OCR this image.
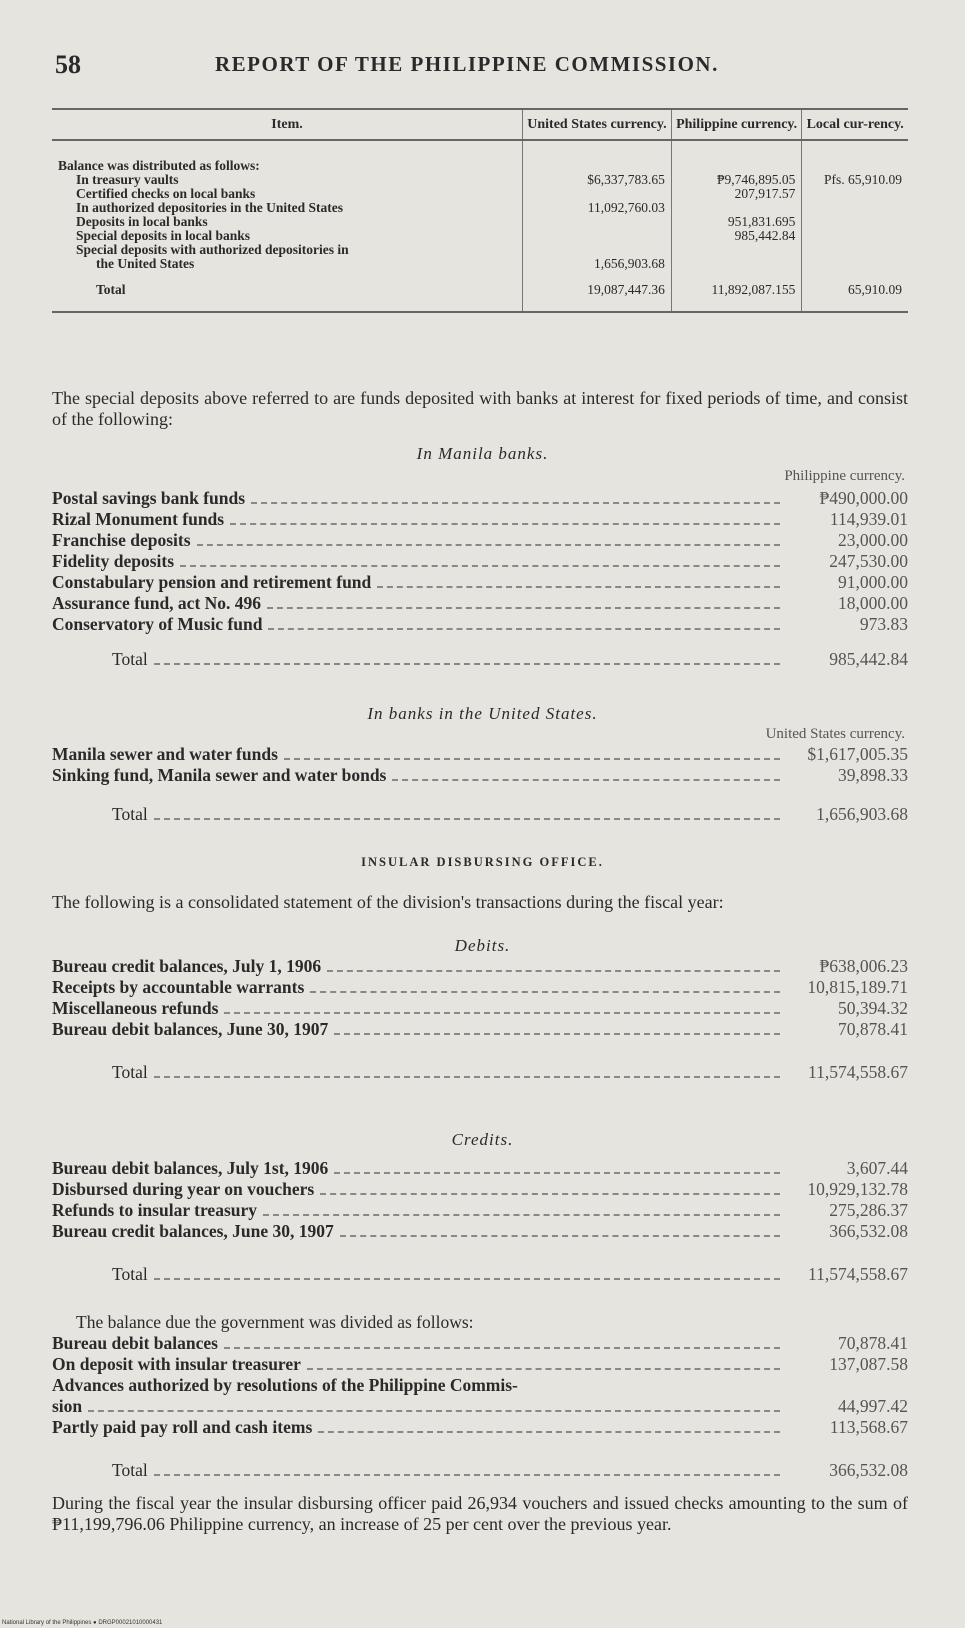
58	REPORT OF THE PHILIPPINE COMMISSION.
Item.	United States currency.	Philippine currency.	Local cur-rency.
Balance was distributed as follows:			
In treasury vaults	$6,337,783.65	₱9,746,895.05	Pfs. 65,910.09
Certified checks on local banks		207,917.57	
In authorized depositories in the United States	11,092,760.03		
Deposits in local banks		951,831.695	
Special deposits in local banks		985,442.84	
Special deposits with authorized depositories in			
the United States	1,656,903.68		
Total	19,087,447.36	11,892,087.155	65,910.09
The special deposits above referred to are funds deposited with banks at interest for fixed periods of time, and consist of the following:
In Manila banks.
Philippine currency.
Postal savings bank funds	₱490,000.00
Rizal Monument funds	114,939.01
Franchise deposits	23,000.00
Fidelity deposits	247,530.00
Constabulary pension and retirement fund	91,000.00
Assurance fund, act No. 496	18,000.00
Conservatory of Music fund	973.83
Total	985,442.84
In banks in the United States.
United States currency.
Manila sewer and water funds	$1,617,005.35
Sinking fund, Manila sewer and water bonds	39,898.33
Total	1,656,903.68
INSULAR DISBURSING OFFICE.
The following is a consolidated statement of the division's transactions during the fiscal year:
Debits.
Bureau credit balances, July 1, 1906	₱638,006.23
Receipts by accountable warrants	10,815,189.71
Miscellaneous refunds	50,394.32
Bureau debit balances, June 30, 1907	70,878.41
Total	11,574,558.67
Credits.
Bureau debit balances, July 1st, 1906	3,607.44
Disbursed during year on vouchers	10,929,132.78
Refunds to insular treasury	275,286.37
Bureau credit balances, June 30, 1907	366,532.08
Total	11,574,558.67
The balance due the government was divided as follows:
Bureau debit balances	70,878.41
On deposit with insular treasurer	137,087.58
Advances authorized by resolutions of the Philippine Commis-
sion	44,997.42
Partly paid pay roll and cash items	113,568.67
Total	366,532.08
During the fiscal year the insular disbursing officer paid 26,934 vouchers and issued checks amounting to the sum of ₱11,199,796.06 Philippine currency, an increase of 25 per cent over the previous year.
National Library of the Philippines ● DRGP00021010000431
